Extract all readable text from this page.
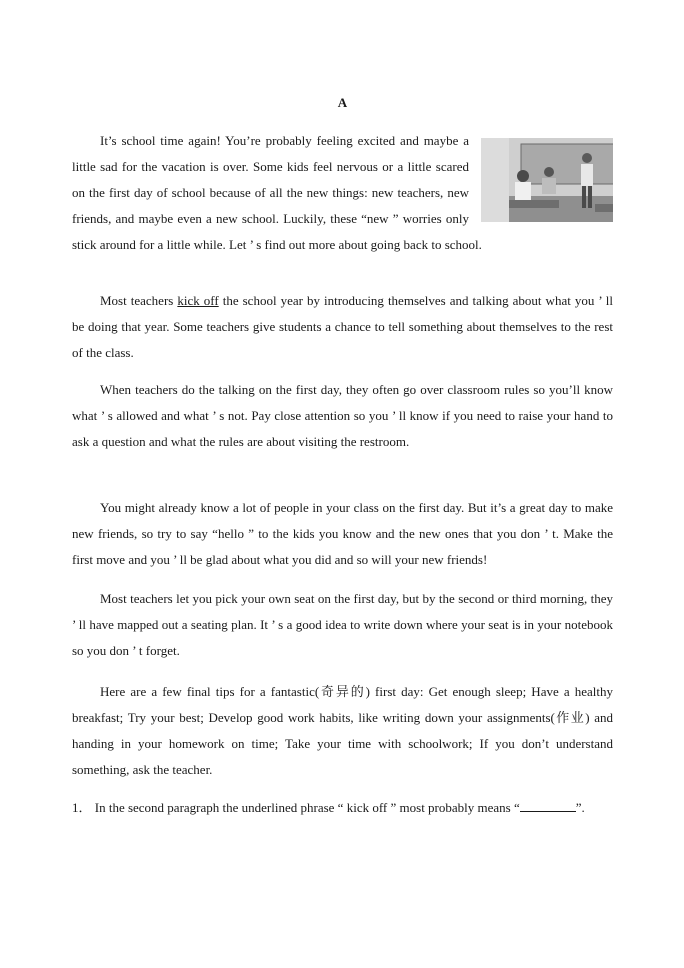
A

It’s school time again! You’re probably feeling excited and maybe a little sad for the vacation is over. Some kids feel nervous or a little scared on the first day of school because of all the new things: new teachers, new friends, and maybe even a new school. Luckily, these “new ” worries only stick around for a little while. Let ’ s find out more about going back to school.

Most teachers kick off the school year by introducing themselves and talking about what you ’ ll be doing that year. Some teachers give students a chance to tell something about themselves to the rest of the class.

When teachers do the talking on the first day, they often go over classroom rules so you’ll know what ’ s allowed and what ’ s not. Pay close attention so you ’ ll know if you need to raise your hand to ask a question and what the rules are about visiting the restroom.

You might already know a lot of people in your class on the first day. But it’s a great day to make new friends, so try to say “hello ” to the kids you know and the new ones that you don ’ t. Make the first move and you ’ ll be glad about what you did and so will your new friends!

Most teachers let you pick your own seat on the first day, but by the second or third morning, they ’ ll have mapped out a seating plan. It ’ s a good idea to write down where your seat is in your notebook so you don ’ t forget.

Here are a few final tips for a fantastic(奇异的) first day: Get enough sleep; Have a healthy breakfast; Try your best; Develop good work habits, like writing down your assignments(作业) and handing in your homework on time; Take your time with schoolwork; If you don’t understand something, ask the teacher.

1． In the second paragraph the underlined phrase “ kick off ” most probably means “	”.
